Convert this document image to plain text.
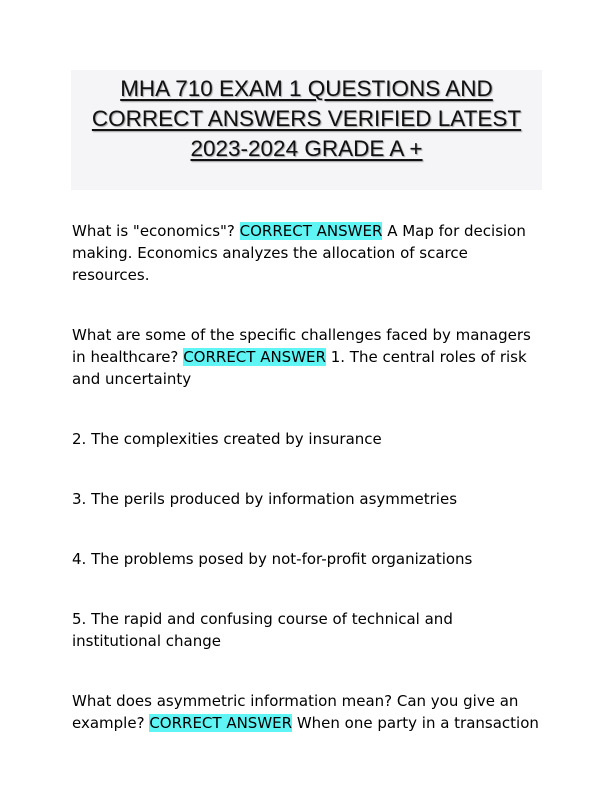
MHA 710 EXAM 1 QUESTIONS AND CORRECT ANSWERS VERIFIED LATEST 2023-2024 GRADE A +

What is "economics"? CORRECT ANSWER A Map for decision making. Economics analyzes the allocation of scarce resources.

What are some of the specific challenges faced by managers in healthcare? CORRECT ANSWER 1. The central roles of risk and uncertainty

2. The complexities created by insurance

3. The perils produced by information asymmetries

4. The problems posed by not-for-profit organizations

5. The rapid and confusing course of technical and institutional change

What does asymmetric information mean? Can you give an example? CORRECT ANSWER When one party in a transaction
